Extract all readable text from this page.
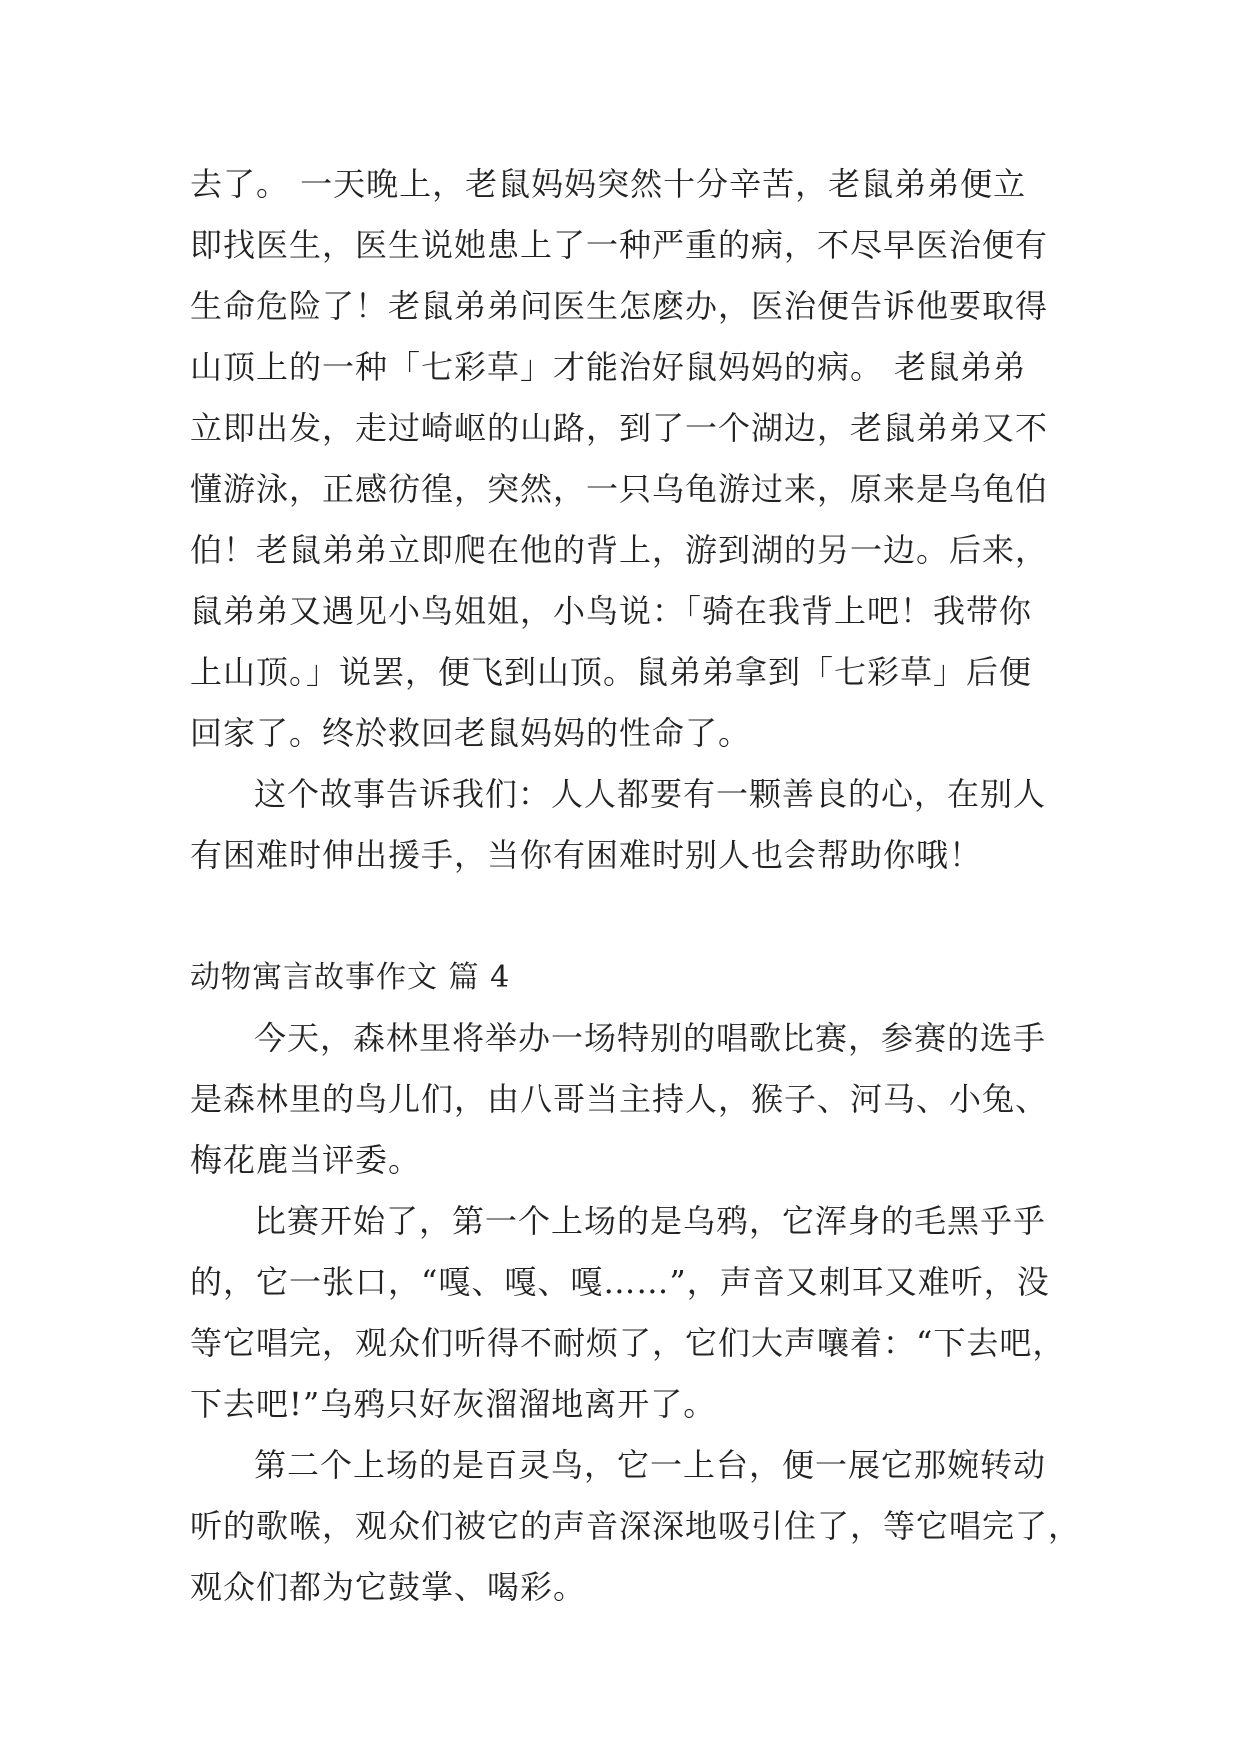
去了。 一天晚上，老鼠妈妈突然十分辛苦，老鼠弟弟便立
即找医生，医生说她患上了一种严重的病，不尽早医治便有
生命危险了！老鼠弟弟问医生怎麽办，医治便告诉他要取得
山顶上的一种「七彩草」才能治好鼠妈妈的病。 老鼠弟弟
立即出发，走过崎岖的山路，到了一个湖边，老鼠弟弟又不
懂游泳，正感彷徨，突然，一只乌龟游过来，原来是乌龟伯
伯！老鼠弟弟立即爬在他的背上，游到湖的另一边。后来，
鼠弟弟又遇见小鸟姐姐，小鸟说：「骑在我背上吧！我带你
上山顶。」说罢，便飞到山顶。鼠弟弟拿到「七彩草」后便
回家了。终於救回老鼠妈妈的性命了。
这个故事告诉我们：人人都要有一颗善良的心，在别人
有困难时伸出援手，当你有困难时别人也会帮助你哦！
动物寓言故事作文 篇 4
今天，森林里将举办一场特别的唱歌比赛，参赛的选手
是森林里的鸟儿们，由八哥当主持人，猴子、河马、小兔、
梅花鹿当评委。
比赛开始了，第一个上场的是乌鸦，它浑身的毛黑乎乎
的，它一张口，“嘎、嘎、嘎……”，声音又刺耳又难听，没
等它唱完，观众们听得不耐烦了，它们大声嚷着：“下去吧，
下去吧!”乌鸦只好灰溜溜地离开了。
第二个上场的是百灵鸟，它一上台，便一展它那婉转动
听的歌喉，观众们被它的声音深深地吸引住了，等它唱完了，
观众们都为它鼓掌、喝彩。
